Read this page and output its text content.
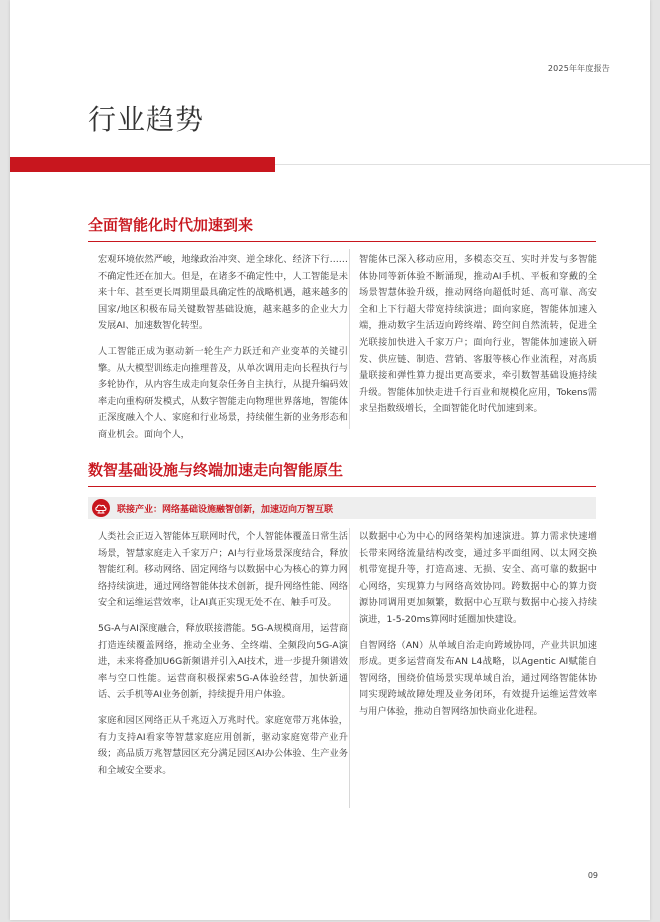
2025年年度报告
行业趋势
全面智能化时代加速到来

宏观环境依然严峻，地缘政治冲突、逆全球化、经济下行……不确定性还在加大。但是，在诸多不确定性中，人工智能是未来十年、甚至更长周期里最具确定性的战略机遇，越来越多的国家/地区积极布局关键数智基础设施，越来越多的企业大力发展AI、加速数智化转型。

人工智能正成为驱动新一轮生产力跃迁和产业变革的关键引擎。从大模型训练走向推理普及，从单次调用走向长程执行与多轮协作，从内容生成走向复杂任务自主执行，从提升编码效率走向重构研发模式，从数字智能走向物理世界落地，智能体正深度融入个人、家庭和行业场景，持续催生新的业务形态和商业机会。面向个人，

智能体已深入移动应用，多模态交互、实时并发与多智能体协同等新体验不断涌现，推动AI手机、平板和穿戴的全场景智慧体验升级，推动网络向超低时延、高可靠、高安全和上下行超大带宽持续演进；面向家庭，智能体加速入端，推动数字生活迈向跨终端、跨空间自然流转，促进全光联接加快进入千家万户；面向行业，智能体加速嵌入研发、供应链、制造、营销、客服等核心作业流程，对高质量联接和弹性算力提出更高要求，牵引数智基础设施持续升级。智能体加快走进千行百业和规模化应用，Tokens需求呈指数级增长，全面智能化时代加速到来。

数智基础设施与终端加速走向智能原生
联接产业：网络基础设施融智创新，加速迈向万智互联

人类社会正迈入智能体互联网时代，个人智能体覆盖日常生活场景，智慧家庭走入千家万户；AI与行业场景深度结合，释放智能红利。移动网络、固定网络与以数据中心为核心的算力网络持续演进，通过网络智能体技术创新，提升网络性能、网络安全和运维运营效率，让AI真正实现无处不在、触手可及。

5G-A与AI深度融合，释放联接潜能。5G-A规模商用，运营商打造连续覆盖网络，推动全业务、全终端、全频段向5G-A演进，未来将叠加U6G新频谱并引入AI技术，进一步提升频谱效率与空口性能。运营商积极探索5G-A体验经营，加快新通话、云手机等AI业务创新，持续提升用户体验。

家庭和园区网络正从千兆迈入万兆时代。家庭宽带万兆体验，有力支持AI看家等智慧家庭应用创新，驱动家庭宽带产业升级；高品质万兆智慧园区充分满足园区AI办公体验、生产业务和全域安全要求。

以数据中心为中心的网络架构加速演进。算力需求快速增长带来网络流量结构改变，通过多平面组网、以太网交换机带宽提升等，打造高速、无损、安全、高可靠的数据中心网络，实现算力与网络高效协同。跨数据中心的算力资源协同调用更加频繁，数据中心互联与数据中心接入持续演进，1-5-20ms算网时延圈加快建设。

自智网络（AN）从单域自治走向跨域协同，产业共识加速形成。更多运营商发布AN L4战略，以Agentic AI赋能自智网络，围绕价值场景实现单域自治，通过网络智能体协同实现跨域故障处理及业务闭环，有效提升运维运营效率与用户体验，推动自智网络加快商业化进程。

09
